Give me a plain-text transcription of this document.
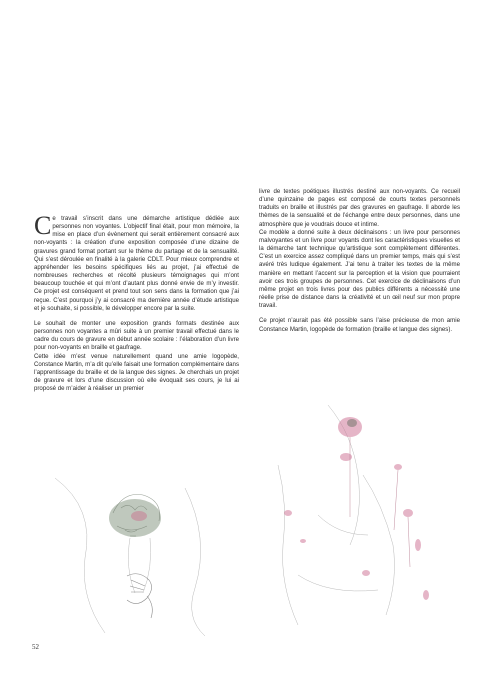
C e travail s’inscrit dans une démarche artistique dédiée aux personnes non voyantes. L’objectif final était, pour mon mémoire, la mise en place d’un évènement qui serait entièrement consacré aux non-voyants : la création d’une exposition composée d’une dizaine de gravures grand format portant sur le thème du partage et de la sensualité. Qui s’est déroulée en finalité à la galerie CDLT. Pour mieux comprendre et appréhender les besoins spécifiques liés au projet, j’ai effectué de nombreuses recherches et récolté plusieurs témoignages qui m’ont beaucoup touchée et qui m’ont d’autant plus donné envie de m’y investir. Ce projet est conséquent et prend tout son sens dans la formation que j’ai reçue. C’est pourquoi j’y ai consacré ma dernière année d’étude artistique et je souhaite, si possible, le développer encore par la suite.

Le souhait de monter une exposition grands formats destinée aux personnes non voyantes a mûri suite à un premier travail effectué dans le cadre du cours de gravure en début année scolaire : l’élaboration d’un livre pour non-voyants en braille et gaufrage.

Cette idée m’est venue naturellement quand une amie logopède, Constance Martin, m’a dit qu’elle faisait une formation complémentaire dans l’apprentissage du braille et de la langue des signes. Je cherchais un projet de gravure et lors d’une discussion où elle évoquait ses cours, je lui ai proposé de m’aider à réaliser un premier

livre de textes poétiques illustrés destiné aux non-voyants. Ce recueil d’une quinzaine de pages est composé de courts textes personnels traduits en braille et illustrés par des gravures en gaufrage. Il aborde les thèmes de la sensualité et de l’échange entre deux personnes, dans une atmosphère que je voudrais douce et intime.

Ce modèle a donné suite à deux déclinaisons : un livre pour personnes malvoyantes et un livre pour voyants dont les caractéristiques visuelles et la démarche tant technique qu’artistique sont complètement différentes. C’est un exercice assez compliqué dans un premier temps, mais qui s’est avéré très ludique également. J’ai tenu à traiter les textes de la même manière en mettant l’accent sur la perception et la vision que pourraient avoir ces trois groupes de personnes. Cet exercice de déclinaisons d’un même projet en trois livres pour des publics différents a nécessité une réelle prise de distance dans la créativité et un œil neuf sur mon propre travail.

Ce projet n’aurait pas été possible sans l’aise précieuse de mon amie Constance Martin, logopède de formation (braille et langue des signes).

52
